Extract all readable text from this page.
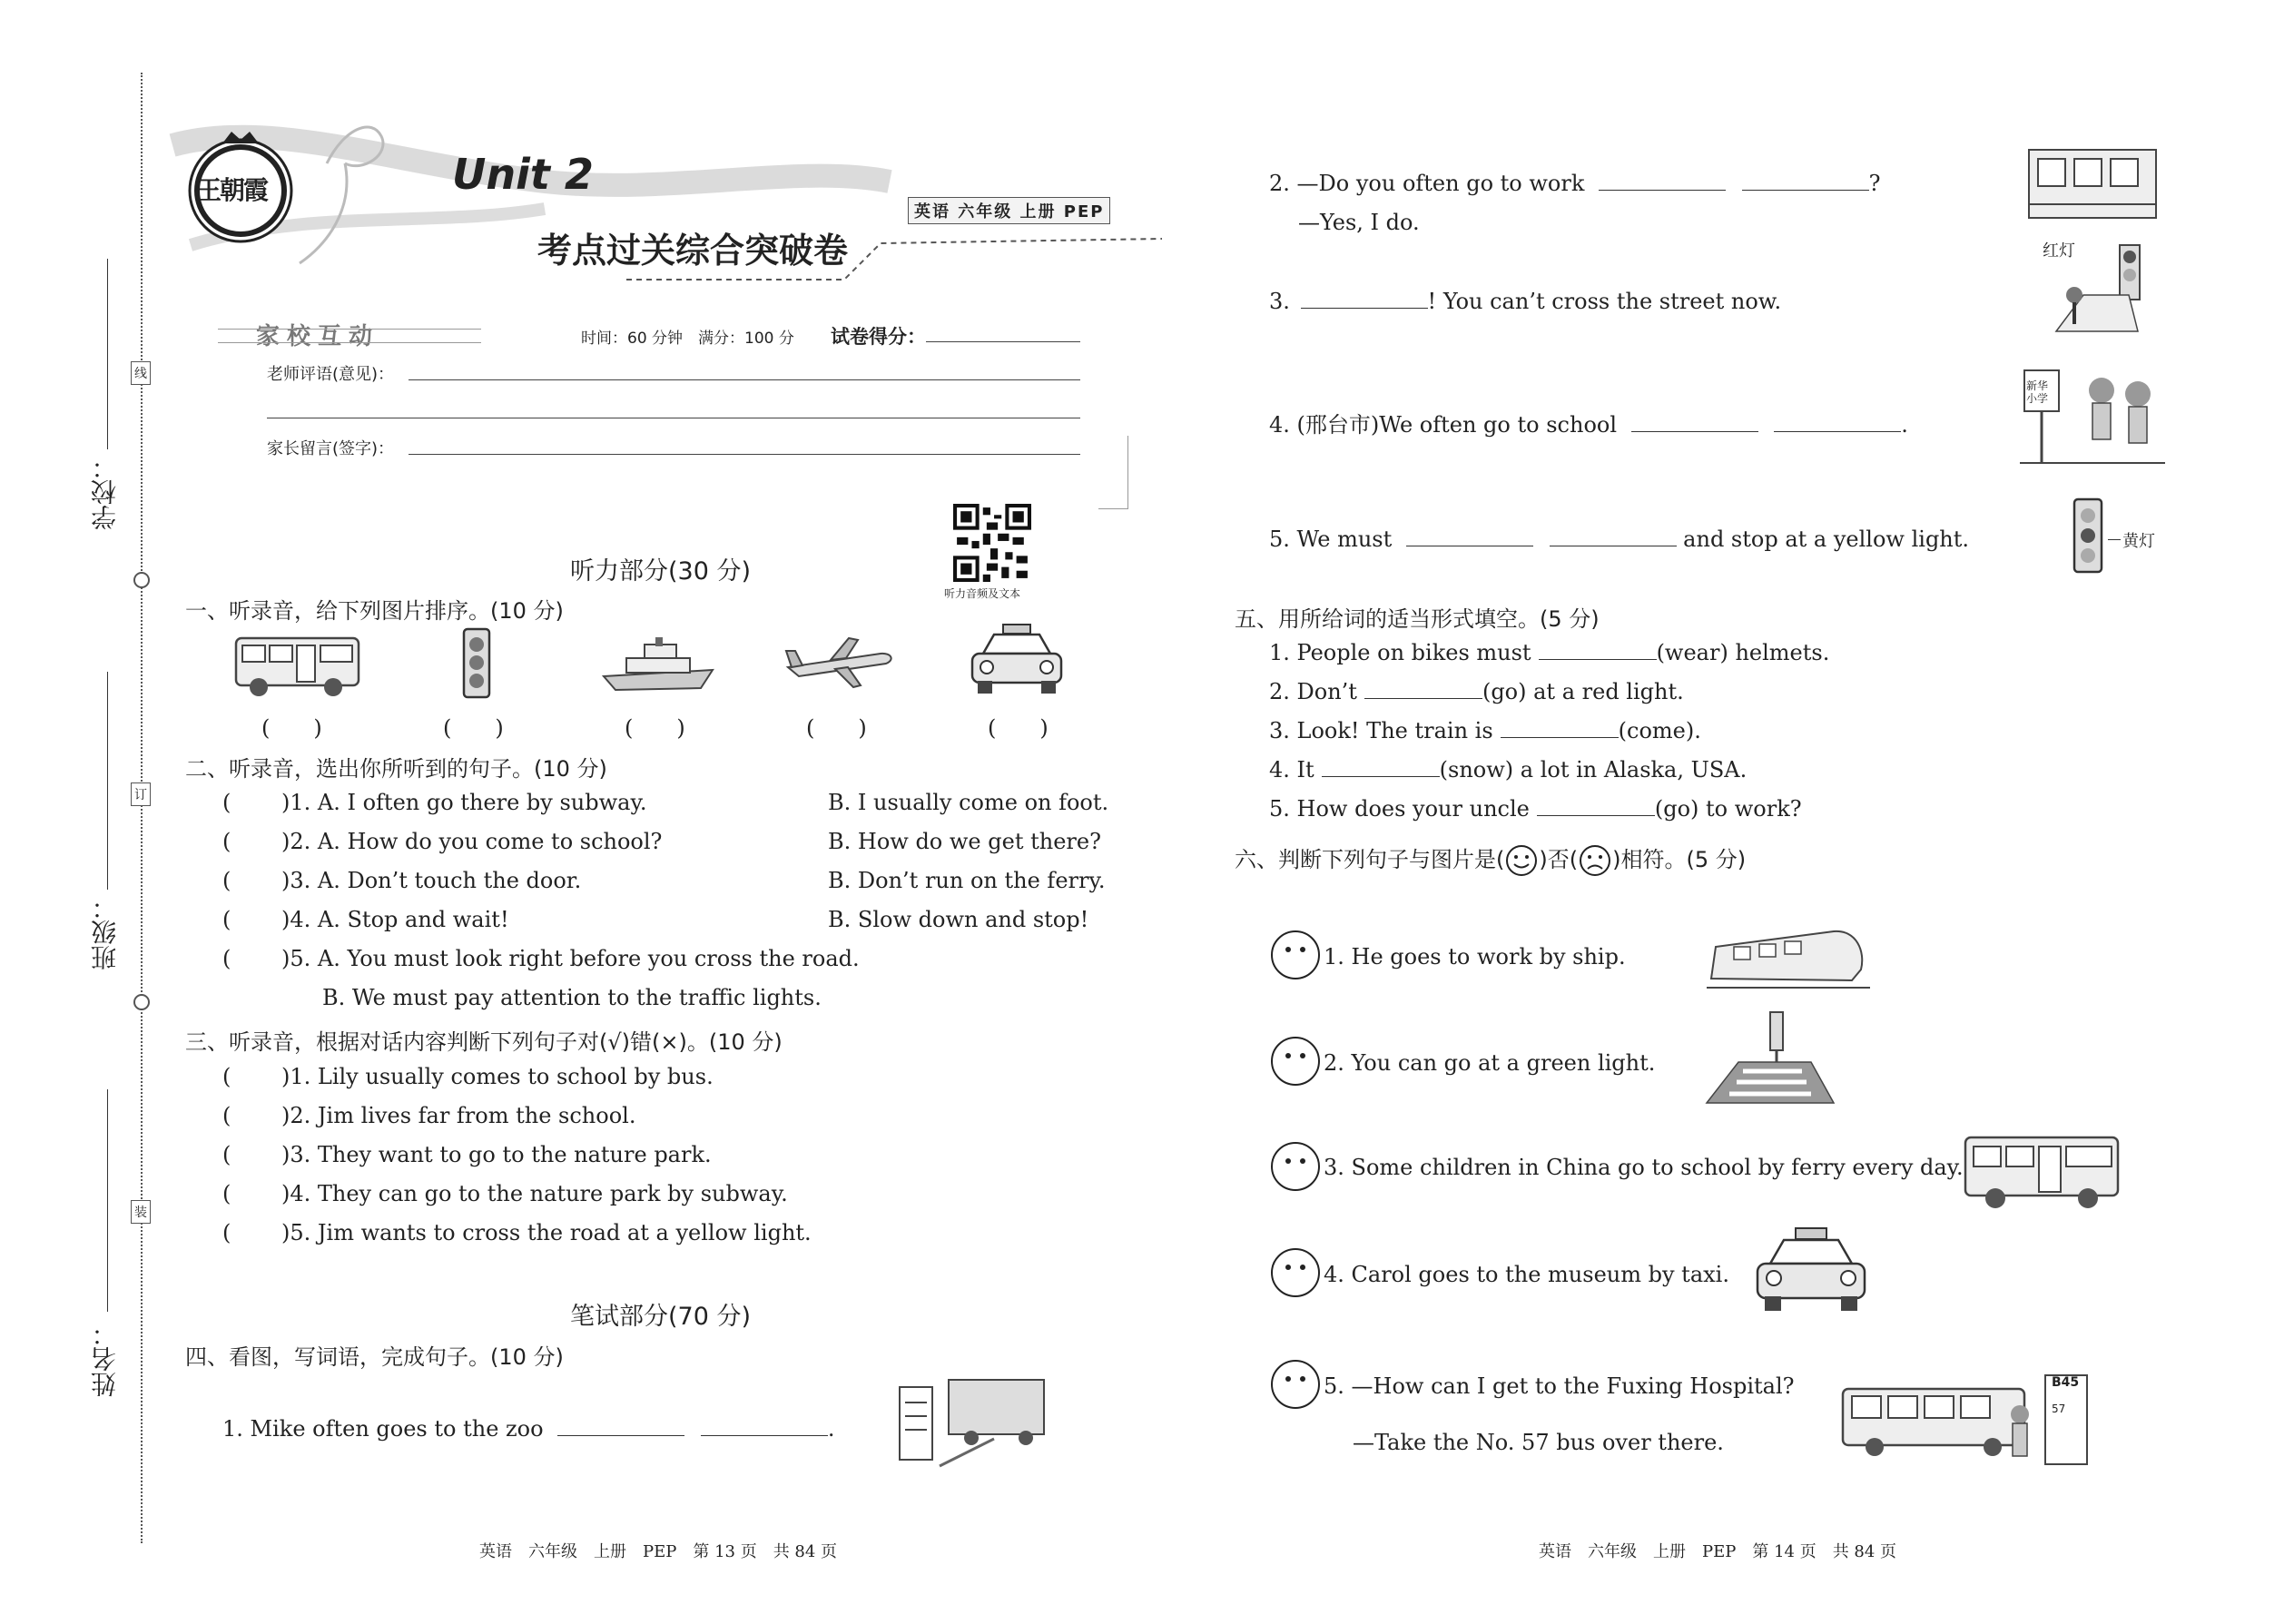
学校：
线
班级：
订
姓名：
装
王朝霞	Unit 2
考点过关综合突破卷
英语 六年级 上册 PEP
家校互动	时间：60 分钟　满分：100 分 试卷得分：
老师评语(意见)：
家长留言(签字)：
听力音频及文本
听力部分(30 分)
一、听录音，给下列图片排序。(10 分)
(　　)	(　　)	(　　)	(　　)	(　　)
二、听录音，选出你所听到的句子。(10 分)
( )1. A. I often go there by subway.	B. I usually come on foot.
( )2. A. How do you come to school?	B. How do we get there?
( )3. A. Don’t touch the door.	B. Don’t run on the ferry.
( )4. A. Stop and wait!	B. Slow down and stop!
( )5. A. You must look right before you cross the road.
B. We must pay attention to the traffic lights.
三、听录音，根据对话内容判断下列句子对(√)错(×)。(10 分)
( )1. Lily usually comes to school by bus.
( )2. Jim lives far from the school.
( )3. They want to go to the nature park.
( )4. They can go to the nature park by subway.
( )5. Jim wants to cross the road at a yellow light.
笔试部分(70 分)
四、看图，写词语，完成句子。(10 分)
1. Mike often goes to the zoo	.
2. —Do you often go to work	?
—Yes, I do.
3.	! You can’t cross the street now.
红灯
4. (邢台市)We often go to school	.
新华小学
5. We must	and stop at a yellow light.	黄灯
五、用所给词的适当形式填空。(5 分)
1. People on bikes must	(wear) helmets.
2. Don’t	(go) at a red light.
3. Look! The train is	(come).
4. It	(snow) a lot in Alaska, USA.
5. How does your uncle	(go) to work?
六、判断下列句子与图片是( )否( )相符。(5 分)
1. He goes to work by ship.
2. You can go at a green light.
3. Some children in China go to school by ferry every day.
4. Carol goes to the museum by taxi.
5. —How can I get to the Fuxing Hospital?
—Take the No. 57 bus over there.
B45
57
英语　六年级　上册　PEP　第 13 页　共 84 页	英语　六年级　上册　PEP　第 14 页　共 84 页
